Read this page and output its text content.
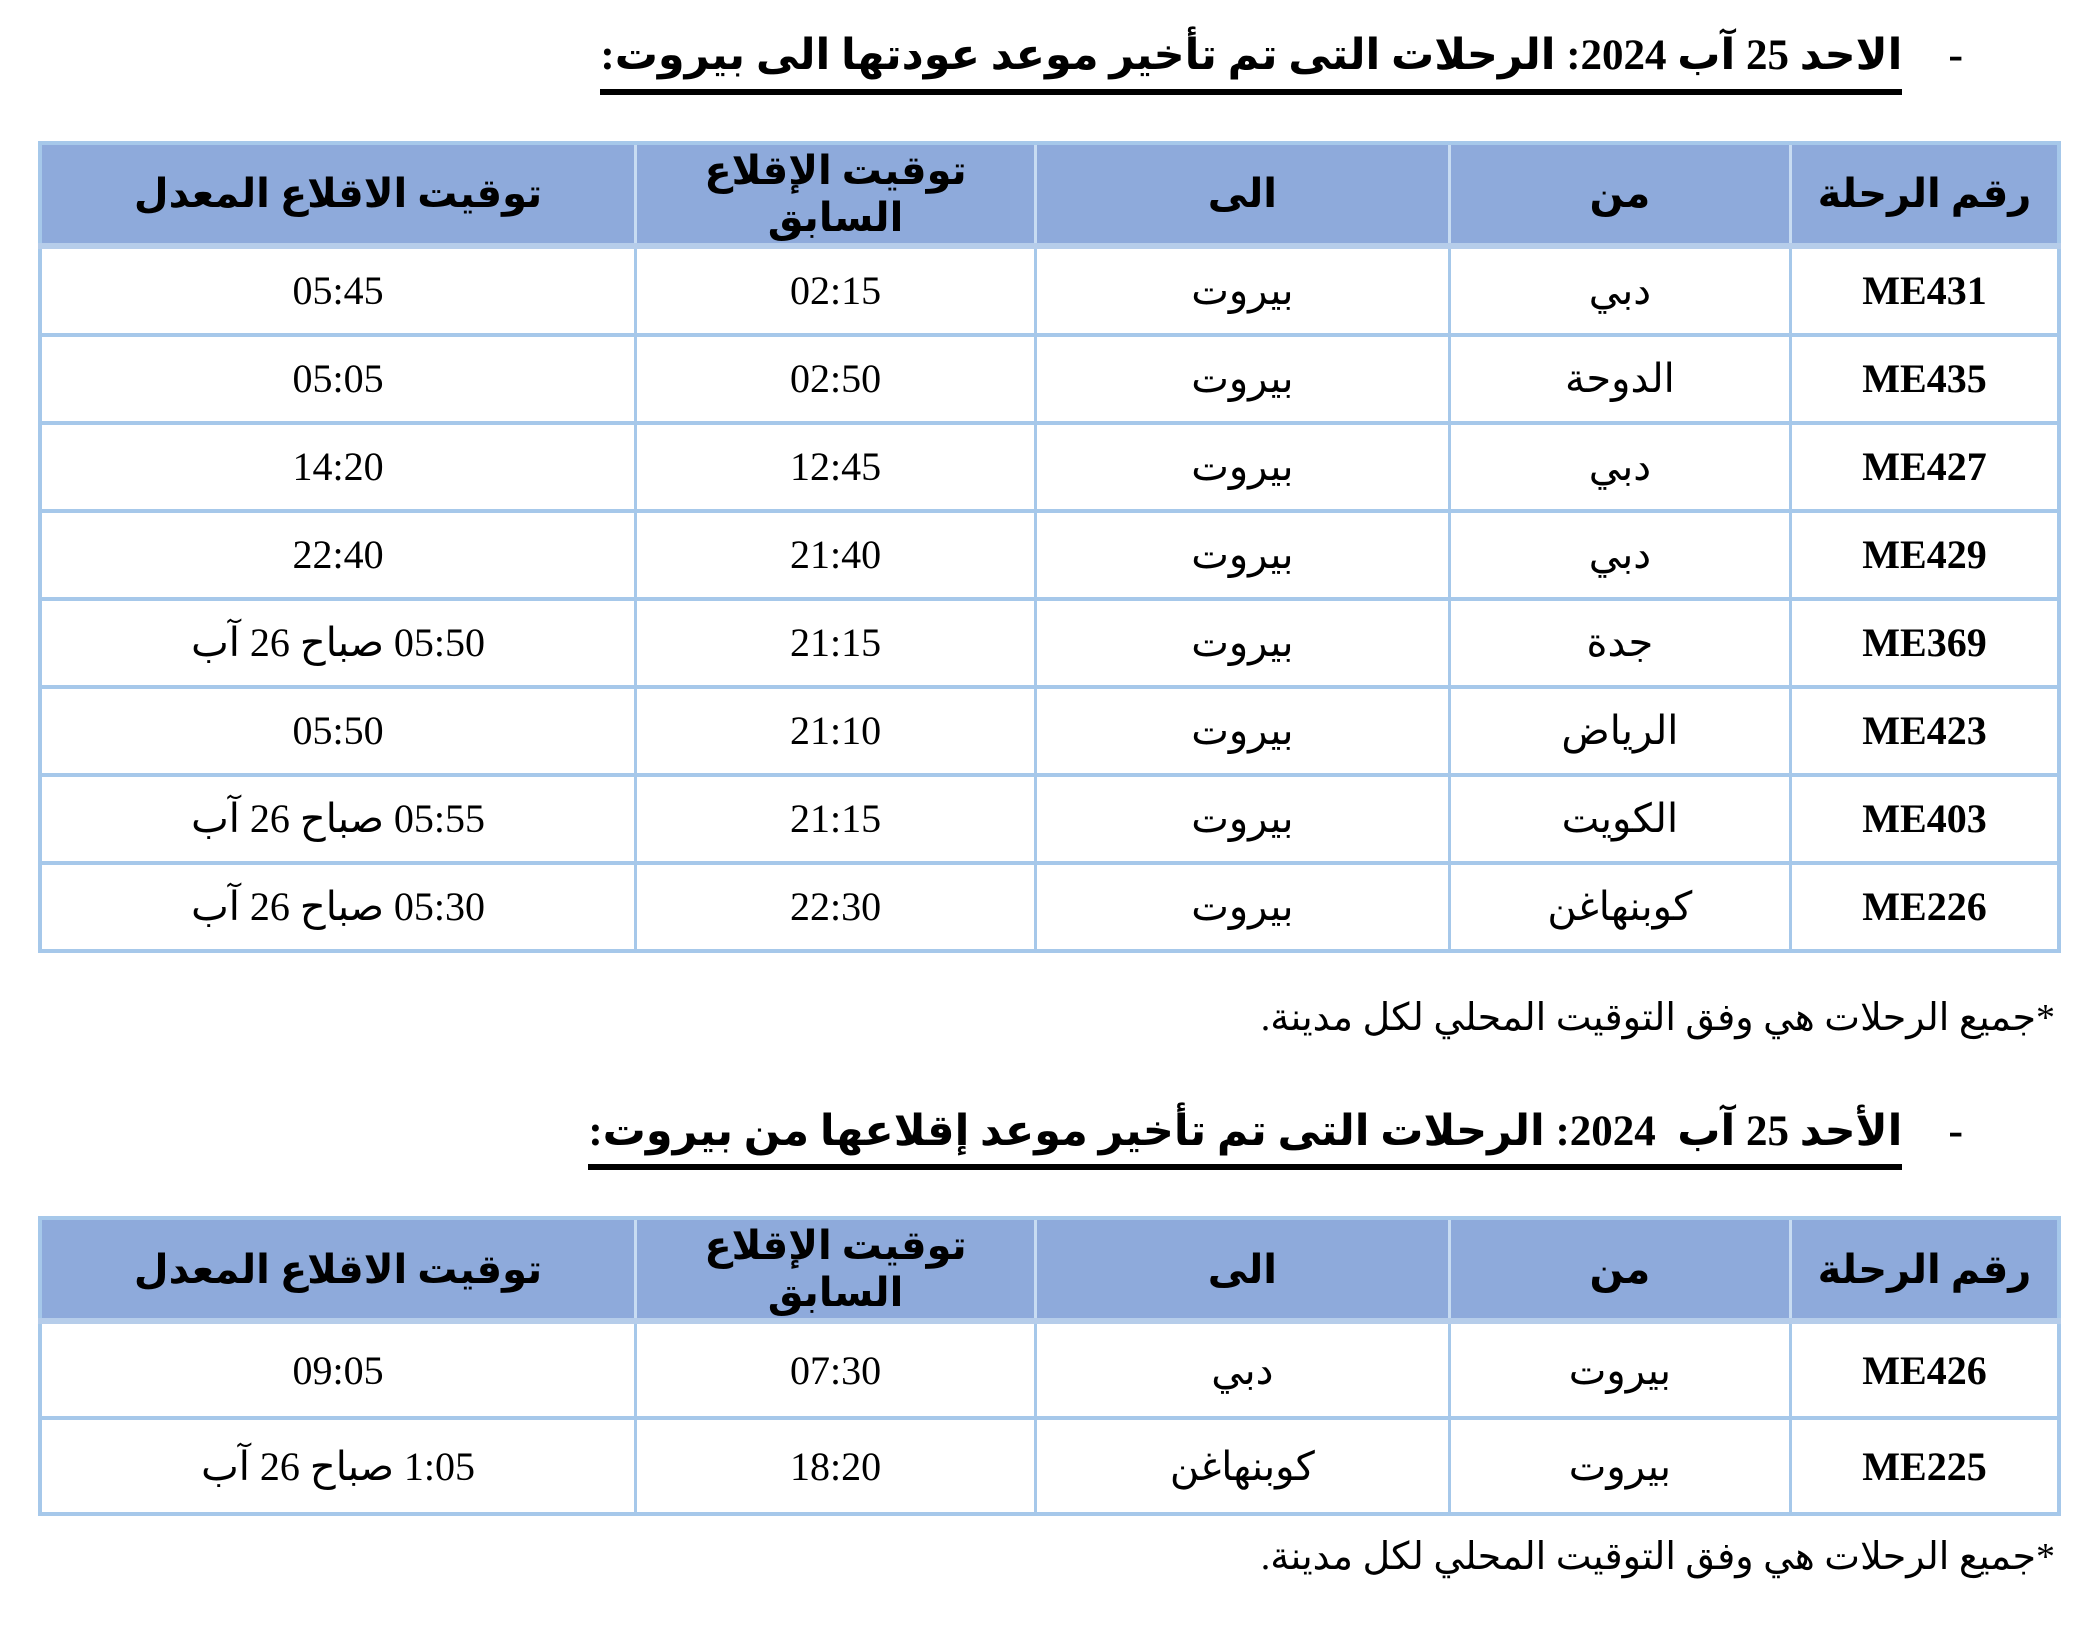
-
الاحد 25 آب 2024: الرحلات التى تم تأخير موعد عودتها الى بيروت:
رقم الرحلة	من	الى	توقيت الإقلاع السابق	توقيت الاقلاع المعدل
ME431	دبي	بيروت	02:15	05:45
ME435	الدوحة	بيروت	02:50	05:05
ME427	دبي	بيروت	12:45	14:20
ME429	دبي	بيروت	21:40	22:40
ME369	جدة	بيروت	21:15	05:50 صباح 26 آب
ME423	الرياض	بيروت	21:10	05:50
ME403	الكويت	بيروت	21:15	05:55 صباح 26 آب
ME226	كوبنهاغن	بيروت	22:30	05:30 صباح 26 آب

*جميع الرحلات هي وفق التوقيت المحلي لكل مدينة.

-
الأحد 25 آب  2024: الرحلات التى تم تأخير موعد إقلاعها من بيروت:
رقم الرحلة	من	الى	توقيت الإقلاع السابق	توقيت الاقلاع المعدل
ME426	بيروت	دبي	07:30	09:05
ME225	بيروت	كوبنهاغن	18:20	1:05 صباح 26 آب

*جميع الرحلات هي وفق التوقيت المحلي لكل مدينة.
